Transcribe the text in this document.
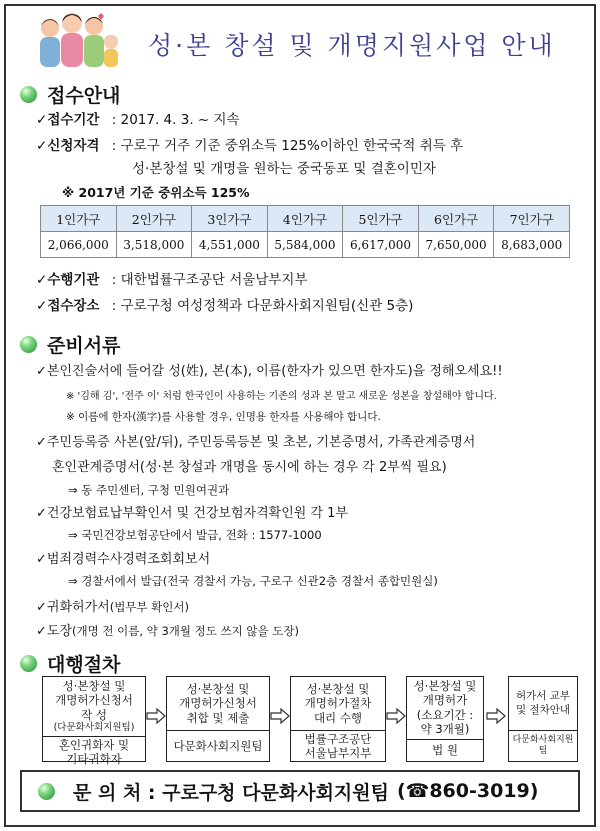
성·본 창설 및 개명지원사업 안내
접수안내
✓접수기간 : 2017. 4. 3. ~ 지속
✓신청자격 : 구로구 거주 기준 중위소득 125%이하인 한국국적 취득 후
성·본창설 및 개명을 원하는 중국동포 및 결혼이민자
※ 2017년 기준 중위소득 125%
1인가구	2인가구	3인가구	4인가구	5인가구	6인가구	7인가구
2,066,000	3,518,000	4,551,000	5,584,000	6,617,000	7,650,000	8,683,000
✓수행기관 : 대한법률구조공단 서울남부지부
✓접수장소 : 구로구청 여성정책과 다문화사회지원팀(신관 5층)
준비서류
✓본인진술서에 들어갈 성(姓), 본(本), 이름(한자가 있으면 한자도)을 정해오세요!!
※ '김해 김', '전주 이' 처럼 한국인이 사용하는 기존의 성과 본 말고 새로운 성본을 창설해야 합니다.
※ 이름에 한자(漢字)를 사용할 경우, 인명용 한자를 사용해야 합니다.
✓주민등록증 사본(앞/뒤), 주민등록등본 및 초본, 기본증명서, 가족관계증명서
혼인관계증명서(성·본 창설과 개명을 동시에 하는 경우 각 2부씩 필요)
⇒ 동 주민센터, 구청 민원여권과
✓건강보험료납부확인서 및 건강보험자격확인원 각 1부
⇒ 국민건강보험공단에서 발급, 전화 : 1577-1000
✓범죄경력수사경력조회회보서
⇒ 경찰서에서 발급(전국 경찰서 가능, 구로구 신관2층 경찰서 종합민원실)
✓귀화허가서(법무부 확인서)
✓도장(개명 전 이름, 약 3개월 정도 쓰지 않을 도장)
대행절차
성·본창설 및
개명허가신청서
작 성
(다문화사회지원팀)
혼인귀화자 및
기타귀화자
성·본창설 및
개명허가신청서
취합 및 제출
다문화사회지원팀
성·본창설 및
개명허가절차
대리 수행
법률구조공단
서울남부지부
성·본창설 및
개명허가
(소요기간 :
약 3개월)
법 원
허가서 교부
및 절차안내
다문화사회지원팀
문 의 처 : 구로구청 다문화사회지원팀 (☎860-3019)
